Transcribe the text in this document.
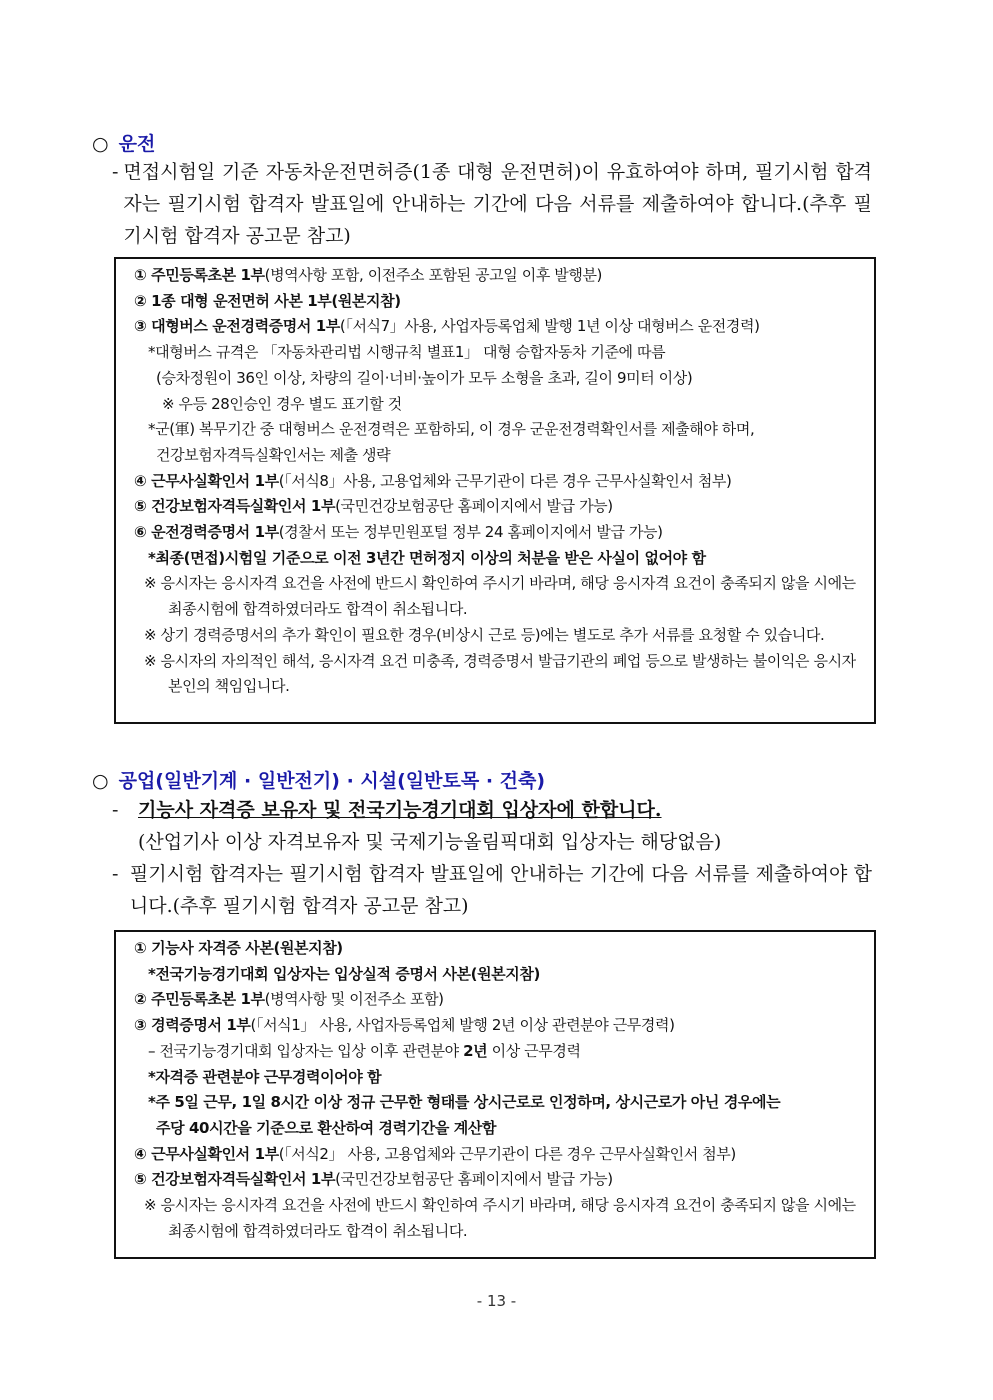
○ 운전
- 면접시험일 기준 자동차운전면허증(1종 대형 운전면허)이 유효하여야 하며, 필기시험 합격자는 필기시험 합격자 발표일에 안내하는 기간에 다음 서류를 제출하여야 합니다.(추후 필기시험 합격자 공고문 참고)
① 주민등록초본 1부(병역사항 포함, 이전주소 포함된 공고일 이후 발행분)
② 1종 대형 운전면허 사본 1부(원본지참)
③ 대형버스 운전경력증명서 1부(「서식7」사용, 사업자등록업체 발행 1년 이상 대형버스 운전경력)
*대형버스 규격은 「자동차관리법 시행규칙 별표1」 대형 승합자동차 기준에 따름
(승차정원이 36인 이상, 차량의 길이·너비·높이가 모두 소형을 초과, 길이 9미터 이상)
※ 우등 28인승인 경우 별도 표기할 것
*군(軍) 복무기간 중 대형버스 운전경력은 포함하되, 이 경우 군운전경력확인서를 제출해야 하며,
건강보험자격득실확인서는 제출 생략
④ 근무사실확인서 1부(「서식8」사용, 고용업체와 근무기관이 다른 경우 근무사실확인서 첨부)
⑤ 건강보험자격득실확인서 1부(국민건강보험공단 홈페이지에서 발급 가능)
⑥ 운전경력증명서 1부(경찰서 또는 정부민원포털 정부 24 홈페이지에서 발급 가능)
*최종(면접)시험일 기준으로 이전 3년간 면허정지 이상의 처분을 받은 사실이 없어야 함
※ 응시자는 응시자격 요건을 사전에 반드시 확인하여 주시기 바라며, 해당 응시자격 요건이 충족되지 않을 시에는 최종시험에 합격하였더라도 합격이 취소됩니다.
※ 상기 경력증명서의 추가 확인이 필요한 경우(비상시 근로 등)에는 별도로 추가 서류를 요청할 수 있습니다.
※ 응시자의 자의적인 해석, 응시자격 요건 미충족, 경력증명서 발급기관의 폐업 등으로 발생하는 불이익은 응시자 본인의 책임입니다.
○ 공업(일반기계 · 일반전기) · 시설(일반토목 · 건축)
-	기능사 자격증 보유자 및 전국기능경기대회 입상자에 한합니다.
(산업기사 이상 자격보유자 및 국제기능올림픽대회 입상자는 해당없음)
- 필기시험 합격자는 필기시험 합격자 발표일에 안내하는 기간에 다음 서류를 제출하여야 합니다.(추후 필기시험 합격자 공고문 참고)
① 기능사 자격증 사본(원본지참)
*전국기능경기대회 입상자는 입상실적 증명서 사본(원본지참)
② 주민등록초본 1부(병역사항 및 이전주소 포함)
③ 경력증명서 1부(「서식1」 사용, 사업자등록업체 발행 2년 이상 관련분야 근무경력)
– 전국기능경기대회 입상자는 입상 이후 관련분야 2년 이상 근무경력
*자격증 관련분야 근무경력이어야 함
*주 5일 근무, 1일 8시간 이상 정규 근무한 형태를 상시근로로 인정하며, 상시근로가 아닌 경우에는
주당 40시간을 기준으로 환산하여 경력기간을 계산함
④ 근무사실확인서 1부(「서식2」 사용, 고용업체와 근무기관이 다른 경우 근무사실확인서 첨부)
⑤ 건강보험자격득실확인서 1부(국민건강보험공단 홈페이지에서 발급 가능)
※ 응시자는 응시자격 요건을 사전에 반드시 확인하여 주시기 바라며, 해당 응시자격 요건이 충족되지 않을 시에는 최종시험에 합격하였더라도 합격이 취소됩니다.
- 13 -
